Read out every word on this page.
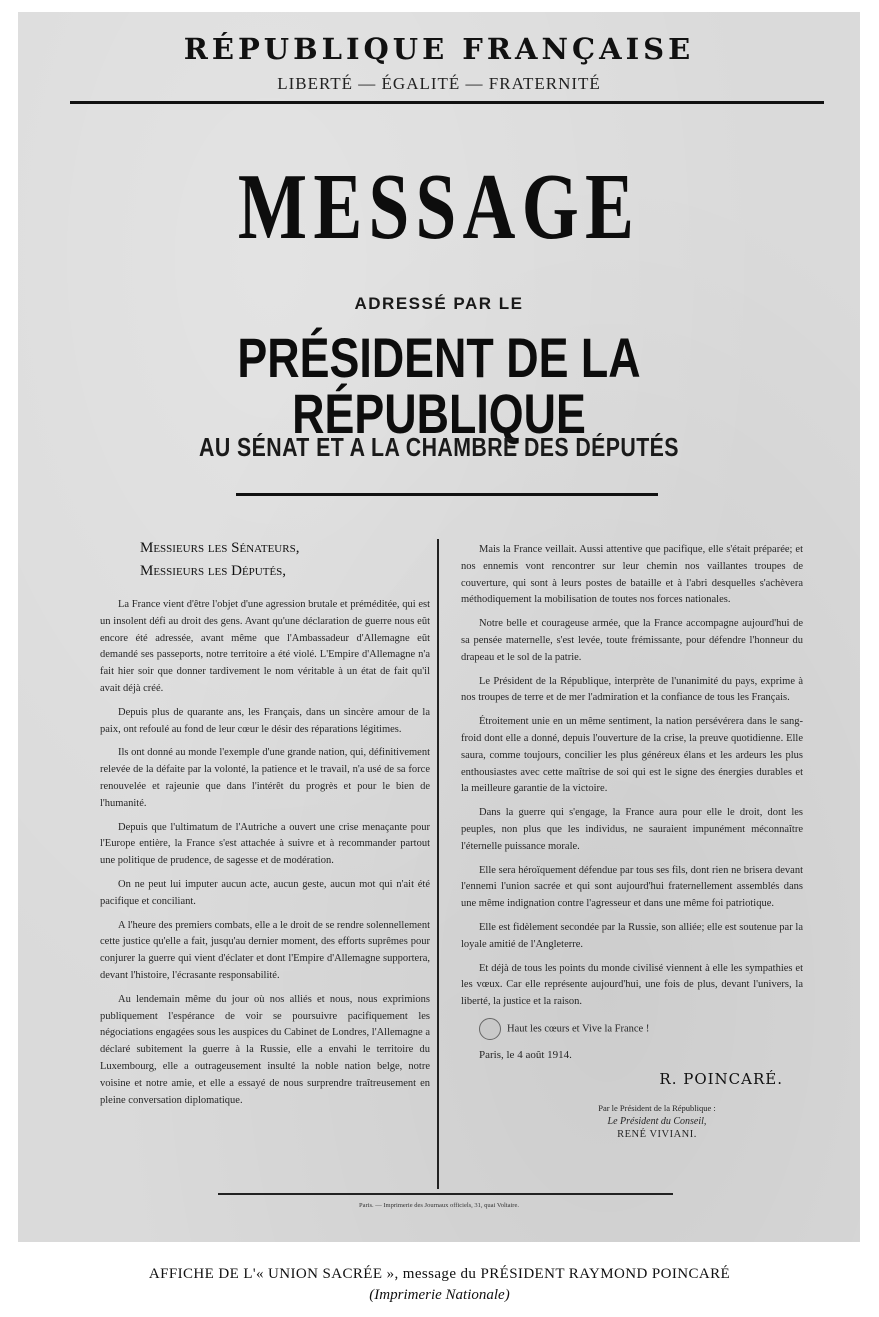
RÉPUBLIQUE FRANÇAISE
LIBERTÉ — ÉGALITÉ — FRATERNITÉ
MESSAGE
ADRESSÉ PAR LE
PRÉSIDENT DE LA RÉPUBLIQUE
AU SÉNAT ET A LA CHAMBRE DES DÉPUTÉS
Messieurs les Sénateurs,
Messieurs les Députés,

La France vient d'être l'objet d'une agression brutale et préméditée, qui est un insolent défi au droit des gens. Avant qu'une déclaration de guerre nous eût encore été adressée, avant même que l'Ambassadeur d'Allemagne eût demandé ses passeports, notre territoire a été violé. L'Empire d'Allemagne n'a fait hier soir que donner tardivement le nom véritable à un état de fait qu'il avait déjà créé.

Depuis plus de quarante ans, les Français, dans un sincère amour de la paix, ont refoulé au fond de leur cœur le désir des réparations légitimes.

Ils ont donné au monde l'exemple d'une grande nation, qui, définitivement relevée de la défaite par la volonté, la patience et le travail, n'a usé de sa force renouvelée et rajeunie que dans l'intérêt du progrès et pour le bien de l'humanité.

Depuis que l'ultimatum de l'Autriche a ouvert une crise menaçante pour l'Europe entière, la France s'est attachée à suivre et à recommander partout une politique de prudence, de sagesse et de modération.

On ne peut lui imputer aucun acte, aucun geste, aucun mot qui n'ait été pacifique et conciliant.

A l'heure des premiers combats, elle a le droit de se rendre solennellement cette justice qu'elle a fait, jusqu'au dernier moment, des efforts suprêmes pour conjurer la guerre qui vient d'éclater et dont l'Empire d'Allemagne supportera, devant l'histoire, l'écrasante responsabilité.

Au lendemain même du jour où nos alliés et nous, nous exprimions publiquement l'espérance de voir se poursuivre pacifiquement les négociations engagées sous les auspices du Cabinet de Londres, l'Allemagne a déclaré subitement la guerre à la Russie, elle a envahi le territoire du Luxembourg, elle a outrageusement insulté la noble nation belge, notre voisine et notre amie, et elle a essayé de nous surprendre traîtreusement en pleine conversation diplomatique.

Mais la France veillait. Aussi attentive que pacifique, elle s'était préparée; et nos ennemis vont rencontrer sur leur chemin nos vaillantes troupes de couverture, qui sont à leurs postes de bataille et à l'abri desquelles s'achèvera méthodiquement la mobilisation de toutes nos forces nationales.

Notre belle et courageuse armée, que la France accompagne aujourd'hui de sa pensée maternelle, s'est levée, toute frémissante, pour défendre l'honneur du drapeau et le sol de la patrie.

Le Président de la République, interprète de l'unanimité du pays, exprime à nos troupes de terre et de mer l'admiration et la confiance de tous les Français.

Étroitement unie en un même sentiment, la nation persévérera dans le sang-froid dont elle a donné, depuis l'ouverture de la crise, la preuve quotidienne. Elle saura, comme toujours, concilier les plus généreux élans et les ardeurs les plus enthousiastes avec cette maîtrise de soi qui est le signe des énergies durables et la meilleure garantie de la victoire.

Dans la guerre qui s'engage, la France aura pour elle le droit, dont les peuples, non plus que les individus, ne sauraient impunément méconnaître l'éternelle puissance morale.

Elle sera héroïquement défendue par tous ses fils, dont rien ne brisera devant l'ennemi l'union sacrée et qui sont aujourd'hui fraternellement assemblés dans une même indignation contre l'agresseur et dans une même foi patriotique.

Elle est fidèlement secondée par la Russie, son alliée; elle est soutenue par la loyale amitié de l'Angleterre.

Et déjà de tous les points du monde civilisé viennent à elle les sympathies et les vœux. Car elle représente aujourd'hui, une fois de plus, devant l'univers, la liberté, la justice et la raison.

Haut les cœurs et Vive la France !

Paris, le 4 août 1914.

R. POINCARÉ.
Par le Président de la République :
Le Président du Conseil,
RENÉ VIVIANI.
Paris. — Imprimerie des Journaux officiels, 31, quai Voltaire.
AFFICHE DE L'« UNION SACRÉE », message du PRÉSIDENT RAYMOND POINCARÉ
(Imprimerie Nationale)
